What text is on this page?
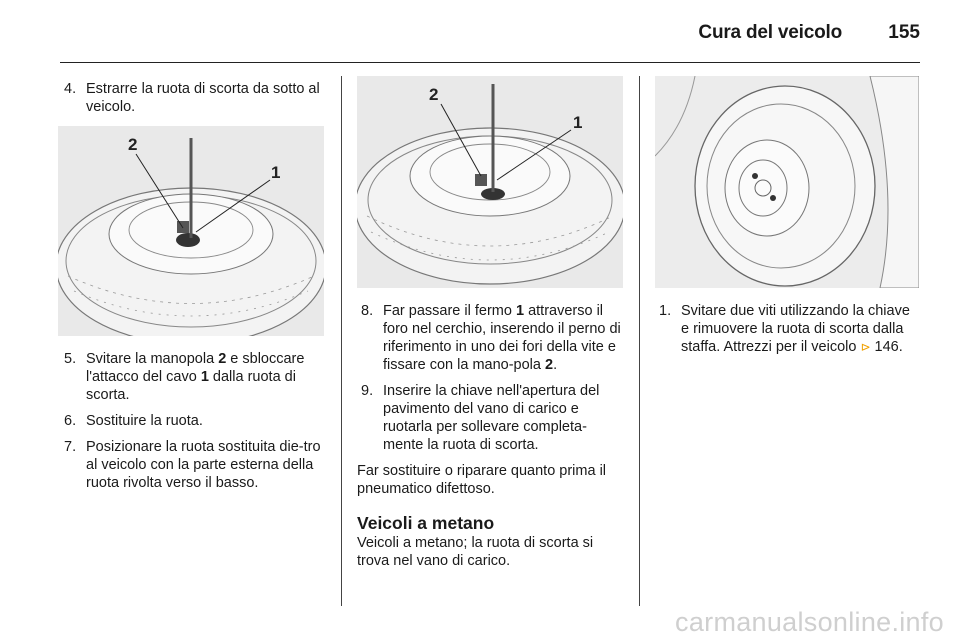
Cura del veicolo 155
4. Estrarre la ruota di scorta da sotto al veicolo.
2
1
5. Svitare la manopola 2 e sbloccare l'attacco del cavo 1 dalla ruota di scorta.
6. Sostituire la ruota.
7. Posizionare la ruota sostituita die-tro al veicolo con la parte esterna della ruota rivolta verso il basso.
2
1
8. Far passare il fermo 1 attraverso il foro nel cerchio, inserendo il perno di riferimento in uno dei fori della vite e fissare con la mano-pola 2.
9. Inserire la chiave nell'apertura del pavimento del vano di carico e ruotarla per sollevare completa-mente la ruota di scorta.

Far sostituire o riparare quanto prima il pneumatico difettoso.

Veicoli a metano

Veicoli a metano; la ruota di scorta si trova nel vano di carico.

1. Svitare due viti utilizzando la chiave e rimuovere la ruota di scorta dalla staffa. Attrezzi per il veicolo ⊳ 146.
carmanualsonline.info
